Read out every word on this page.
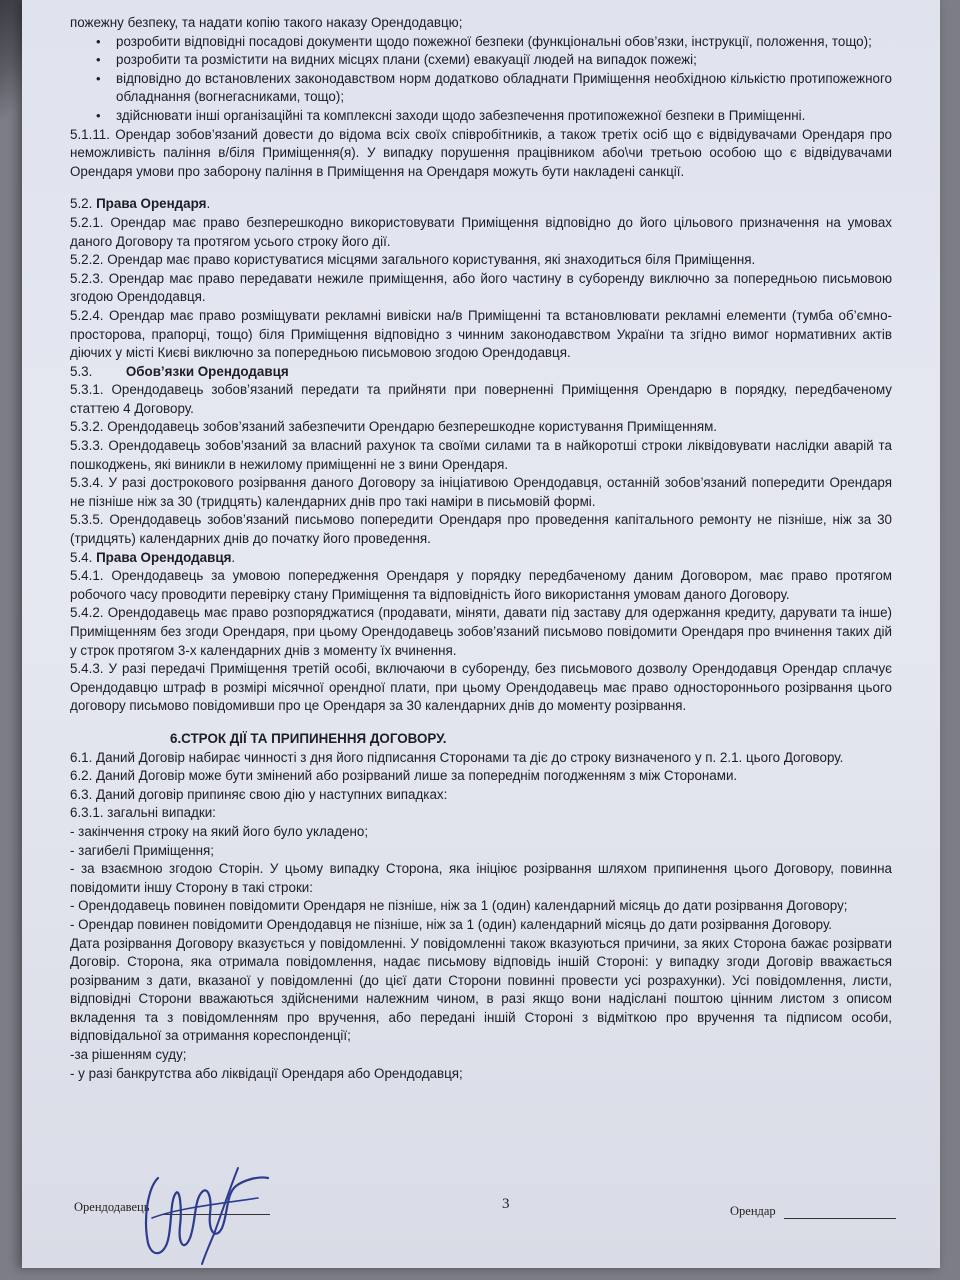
пожежну безпеку, та надати копію такого наказу Орендодавцю;

• розробити відповідні посадові документи щодо пожежної безпеки (функціональні обов’язки, інструкції, положення, тощо);

• розробити та розмістити на видних місцях плани (схеми) евакуації людей на випадок пожежі;

• відповідно до встановлених законодавством норм додатково обладнати Приміщення необхідною кількістю протипожежного обладнання (вогнегасниками, тощо);

• здійснювати інші організаційні та комплексні заходи щодо забезпечення протипожежної безпеки в Приміщенні.

5.1.11. Орендар зобов’язаний довести до відома всіх своїх співробітників, а також третіх осіб що є відвідувачами Орендаря про неможливість паління в/біля Приміщення(я). У випадку порушення працівником або\чи третьою особою що є відвідувачами Орендаря умови про заборону паління в Приміщення на Орендаря можуть бути накладені санкції.

5.2. Права Орендаря.

5.2.1. Орендар має право безперешкодно використовувати Приміщення відповідно до його цільового призначення на умовах даного Договору та протягом усього строку його дії.

5.2.2. Орендар має право користуватися місцями загального користування, які знаходиться біля Приміщення.

5.2.3. Орендар має право передавати нежиле приміщення, або його частину в суборенду виключно за попередньою письмовою згодою Орендодавця.

5.2.4. Орендар має право розміщувати рекламні вивіски на/в Приміщенні та встановлювати рекламні елементи (тумба об’ємно-просторова, прапорці, тощо) біля Приміщення відповідно з чинним законодавством України та згідно вимог нормативних актів діючих у місті Києві виключно за попередньою письмовою згодою Орендодавця.

5.3.         Обов’язки Орендодавця

5.3.1. Орендодавець зобов’язаний передати та прийняти при поверненні Приміщення Орендарю в порядку, передбаченому статтею 4 Договору.

5.3.2. Орендодавець зобов’язаний забезпечити Орендарю безперешкодне користування Приміщенням.

5.3.3. Орендодавець зобов’язаний за власний рахунок та своїми силами та в найкоротші строки ліквідовувати наслідки аварій та пошкоджень, які виникли в нежилому приміщенні не з вини Орендаря.

5.3.4. У разі дострокового розірвання даного Договору за ініціативою Орендодавця, останній зобов’язаний попередити Орендаря не пізніше ніж за 30 (тридцять) календарних днів про такі наміри в письмовій формі.

5.3.5. Орендодавець зобов’язаний письмово попередити Орендаря про проведення капітального ремонту не пізніше, ніж за 30 (тридцять) календарних днів до початку його проведення.

5.4. Права Орендодавця.

5.4.1. Орендодавець за умовою попередження Орендаря у порядку передбаченому даним Договором, має право протягом робочого часу проводити перевірку стану Приміщення та відповідність його використання умовам даного Договору.

5.4.2. Орендодавець має право розпоряджатися (продавати, міняти, давати під заставу для одержання кредиту, дарувати та інше) Приміщенням без згоди Орендаря, при цьому Орендодавець зобов’язаний письмово повідомити Орендаря про вчинення таких дій у строк протягом 3-х календарних днів з моменту їх вчинення.

5.4.3. У разі передачі Приміщення третій особі, включаючи в суборенду, без письмового дозволу Орендодавця Орендар сплачує Орендодавцю штраф в розмірі місячної орендної плати, при цьому Орендодавець має право одностороннього розірвання цього договору письмово повідомивши про це Орендаря за 30 календарних днів до моменту розірвання.

6.СТРОК ДІЇ ТА ПРИПИНЕННЯ ДОГОВОРУ.

6.1. Даний Договір набирає чинності з дня його підписання Сторонами та діє до строку визначеного у п. 2.1. цього Договору.

6.2. Даний Договір може бути змінений або розірваний лише за попереднім погодженням з між Сторонами.

6.3. Даний договір припиняє свою дію у наступних випадках:

6.3.1. загальні випадки:

- закінчення строку на який його було укладено;

- загибелі Приміщення;

- за взаємною згодою Сторін. У цьому випадку Сторона, яка ініціює розірвання шляхом припинення цього Договору, повинна повідомити іншу Сторону в такі строки:

- Орендодавець повинен повідомити Орендаря не пізніше, ніж за 1 (один) календарний місяць до дати розірвання Договору;

- Орендар повинен повідомити Орендодавця не пізніше, ніж за 1 (один) календарний місяць до дати розірвання Договору.

Дата розірвання Договору вказується у повідомленні. У повідомленні також вказуються причини, за яких Сторона бажає розірвати Договір. Сторона, яка отримала повідомлення, надає письмову відповідь іншій Стороні: у випадку згоди Договір вважається розірваним з дати, вказаної у повідомленні (до цієї дати Сторони повинні провести усі розрахунки). Усі повідомлення, листи, відповідні Сторони вважаються здійсненими належним чином, в разі якщо вони надіслані поштою цінним листом з описом вкладення та з повідомленням про вручення, або передані іншій Стороні з відміткою про вручення та підписом особи, відповідальної за отримання кореспонденції;

-за рішенням суду;

- у разі банкрутства або ліквідації Орендаря або Орендодавця;

Орендодавець	3	Орендар
